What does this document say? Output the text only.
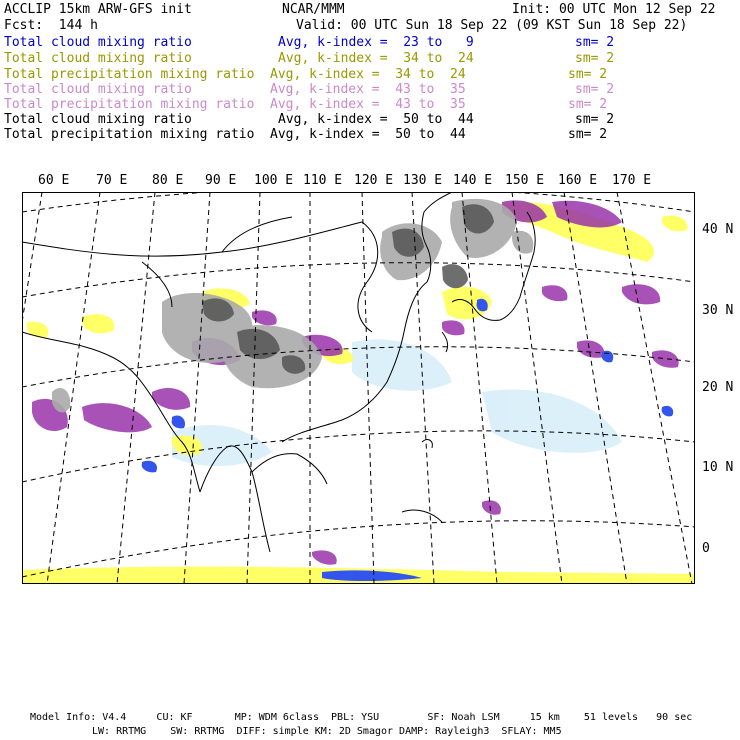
ACCLIP 15km ARW-GFS init	NCAR/MMM	Init: 00 UTC Mon 12 Sep 22
Fcst:  144 h	Valid: 00 UTC Sun 18 Sep 22 (09 KST Sun 18 Sep 22)
Total cloud mixing ratio	Avg, k-index =  23 to   9	sm= 2
Total cloud mixing ratio	Avg, k-index =  34 to  24	sm= 2
Total precipitation mixing ratio Avg, k-index =  34 to  24	sm= 2
Total cloud mixing ratio	Avg, k-index =  43 to  35	sm= 2
Total precipitation mixing ratio Avg, k-index =  43 to  35	sm= 2
Total cloud mixing ratio	Avg, k-index =  50 to  44	sm= 2
Total precipitation mixing ratio Avg, k-index =  50 to  44	sm= 2
60 E 70 E 80 E 90 E 100 E 110 E 120 E 130 E 140 E 150 E 160 E 170 E
40 N
30 N
20 N
10 N
0
Model Info: V4.4     CU: KF       MP: WDM 6class  PBL: YSU        SF: Noah LSM     15 km    51 levels   90 sec
LW: RRTMG    SW: RRTMG  DIFF: simple KM: 2D Smagor DAMP: Rayleigh3  SFLAY: MM5
